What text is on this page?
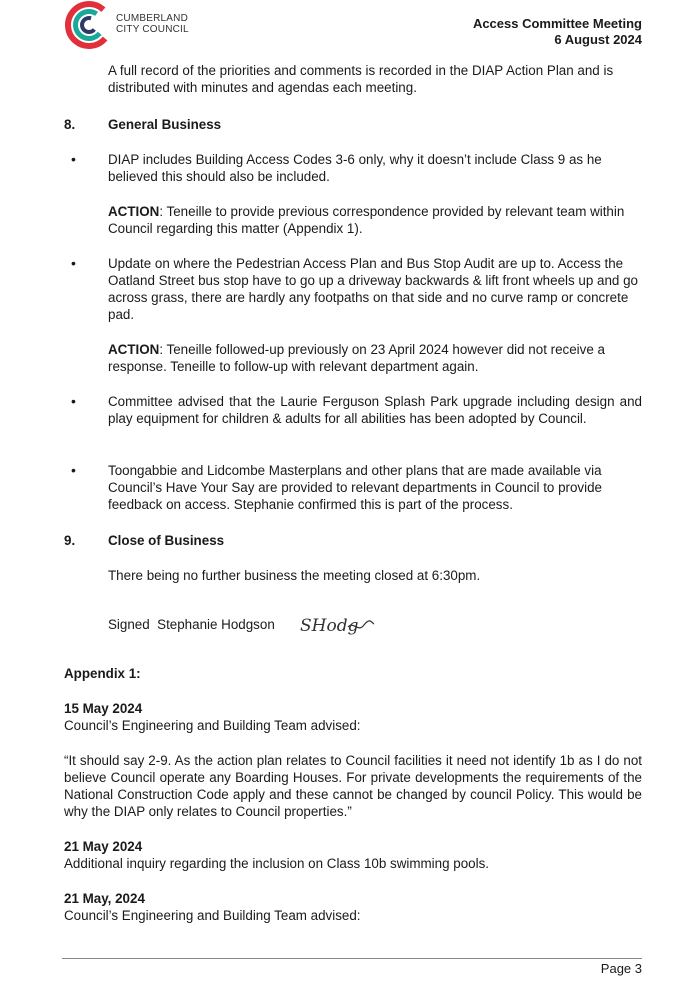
CUMBERLAND
CITY COUNCIL	Access Committee Meeting
6 August 2024
A full record of the priorities and comments is recorded in the DIAP Action Plan and is distributed with minutes and agendas each meeting.
8. General Business
• DIAP includes Building Access Codes 3-6 only, why it doesn’t include Class 9 as he believed this should also be included.
ACTION: Teneille to provide previous correspondence provided by relevant team within Council regarding this matter (Appendix 1).
• Update on where the Pedestrian Access Plan and Bus Stop Audit are up to. Access the Oatland Street bus stop have to go up a driveway backwards & lift front wheels up and go across grass, there are hardly any footpaths on that side and no curve ramp or concrete pad.
ACTION: Teneille followed-up previously on 23 April 2024 however did not receive a response. Teneille to follow-up with relevant department again.
• Committee advised that the Laurie Ferguson Splash Park upgrade including design and play equipment for children & adults for all abilities has been adopted by Council.
• Toongabbie and Lidcombe Masterplans and other plans that are made available via Council’s Have Your Say are provided to relevant departments in Council to provide feedback on access. Stephanie confirmed this is part of the process.
9. Close of Business
There being no further business the meeting closed at 6:30pm.
Signed  Stephanie Hodgson	SHodg
Appendix 1:
15 May 2024
Council’s Engineering and Building Team advised:
“It should say 2-9. As the action plan relates to Council facilities it need not identify 1b as I do not believe Council operate any Boarding Houses. For private developments the requirements of the National Construction Code apply and these cannot be changed by council Policy. This would be why the DIAP only relates to Council properties.”
21 May 2024
Additional inquiry regarding the inclusion on Class 10b swimming pools.
21 May, 2024
Council’s Engineering and Building Team advised:
Page 3
